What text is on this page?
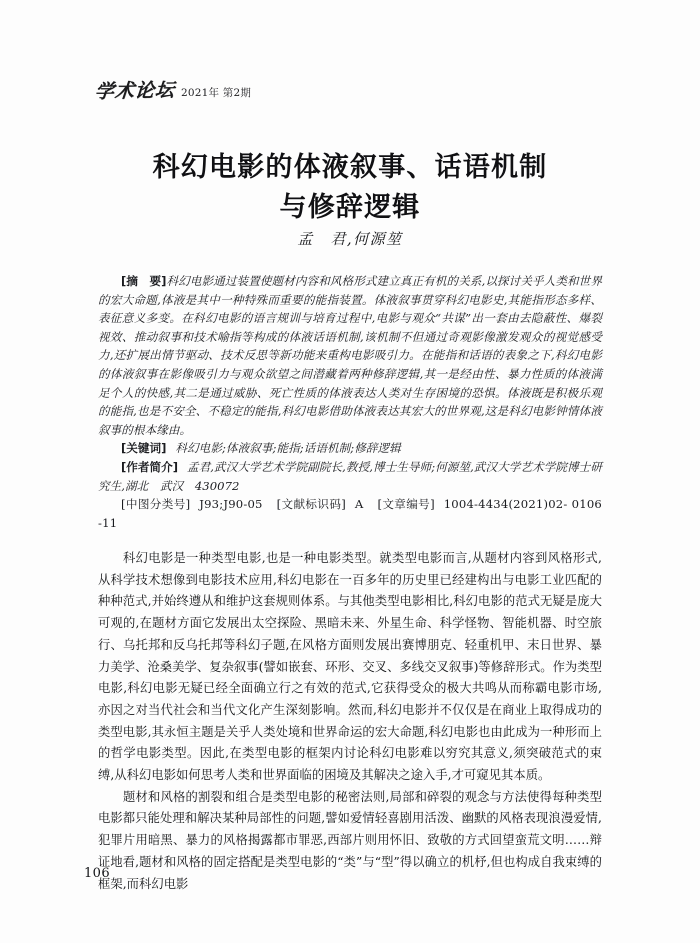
学术论坛 2021年 第2期
科幻电影的体液叙事、话语机制
与修辞逻辑
孟　君,何源堃

[摘　要]科幻电影通过装置使题材内容和风格形式建立真正有机的关系,以探讨关乎人类和世界的宏大命题,体液是其中一种特殊而重要的能指装置。体液叙事贯穿科幻电影史,其能指形态多样、表征意义多变。在科幻电影的语言规训与培育过程中,电影与观众“共谋”出一套由去隐蔽性、爆裂视效、推动叙事和技术喻指等构成的体液话语机制,该机制不但通过奇观影像激发观众的视觉感受力,还扩展出情节驱动、技术反思等新功能来重构电影吸引力。在能指和话语的表象之下,科幻电影的体液叙事在影像吸引力与观众欲望之间潜藏着两种修辞逻辑,其一是经由性、暴力性质的体液满足个人的快感,其二是通过威胁、死亡性质的体液表达人类对生存困境的恐惧。体液既是积极乐观的能指,也是不安全、不稳定的能指,科幻电影借助体液表达其宏大的世界观,这是科幻电影钟情体液叙事的根本缘由。

[关键词] 科幻电影;体液叙事;能指;话语机制;修辞逻辑

[作者简介] 孟君,武汉大学艺术学院副院长,教授,博士生导师;何源堃,武汉大学艺术学院博士研究生,湖北　武汉　430072

[中图分类号] J93;J90-05 [文献标识码] A [文章编号] 1004-4434(2021)02- 0106 -11

科幻电影是一种类型电影,也是一种电影类型。就类型电影而言,从题材内容到风格形式,从科学技术想像到电影技术应用,科幻电影在一百多年的历史里已经建构出与电影工业匹配的种种范式,并始终遵从和维护这套规则体系。与其他类型电影相比,科幻电影的范式无疑是庞大可观的,在题材方面它发展出太空探险、黑暗未来、外星生命、科学怪物、智能机器、时空旅行、乌托邦和反乌托邦等科幻子题,在风格方面则发展出赛博朋克、轻重机甲、末日世界、暴力美学、沧桑美学、复杂叙事(譬如嵌套、环形、交叉、多线交叉叙事)等修辞形式。作为类型电影,科幻电影无疑已经全面确立行之有效的范式,它获得受众的极大共鸣从而称霸电影市场,亦因之对当代社会和当代文化产生深刻影响。然而,科幻电影并不仅仅是在商业上取得成功的类型电影,其永恒主题是关乎人类处境和世界命运的宏大命题,科幻电影也由此成为一种形而上的哲学电影类型。因此,在类型电影的框架内讨论科幻电影难以穷究其意义,须突破范式的束缚,从科幻电影如何思考人类和世界面临的困境及其解决之途入手,才可窥见其本质。

题材和风格的割裂和组合是类型电影的秘密法则,局部和碎裂的观念与方法使得每种类型电影都只能处理和解决某种局部性的问题,譬如爱情轻喜剧用活泼、幽默的风格表现浪漫爱情,犯罪片用暗黑、暴力的风格揭露都市罪恶,西部片则用怀旧、致敬的方式回望蛮荒文明……辩证地看,题材和风格的固定搭配是类型电影的“类”与“型”得以确立的机杼,但也构成自我束缚的框架,而科幻电影

106
